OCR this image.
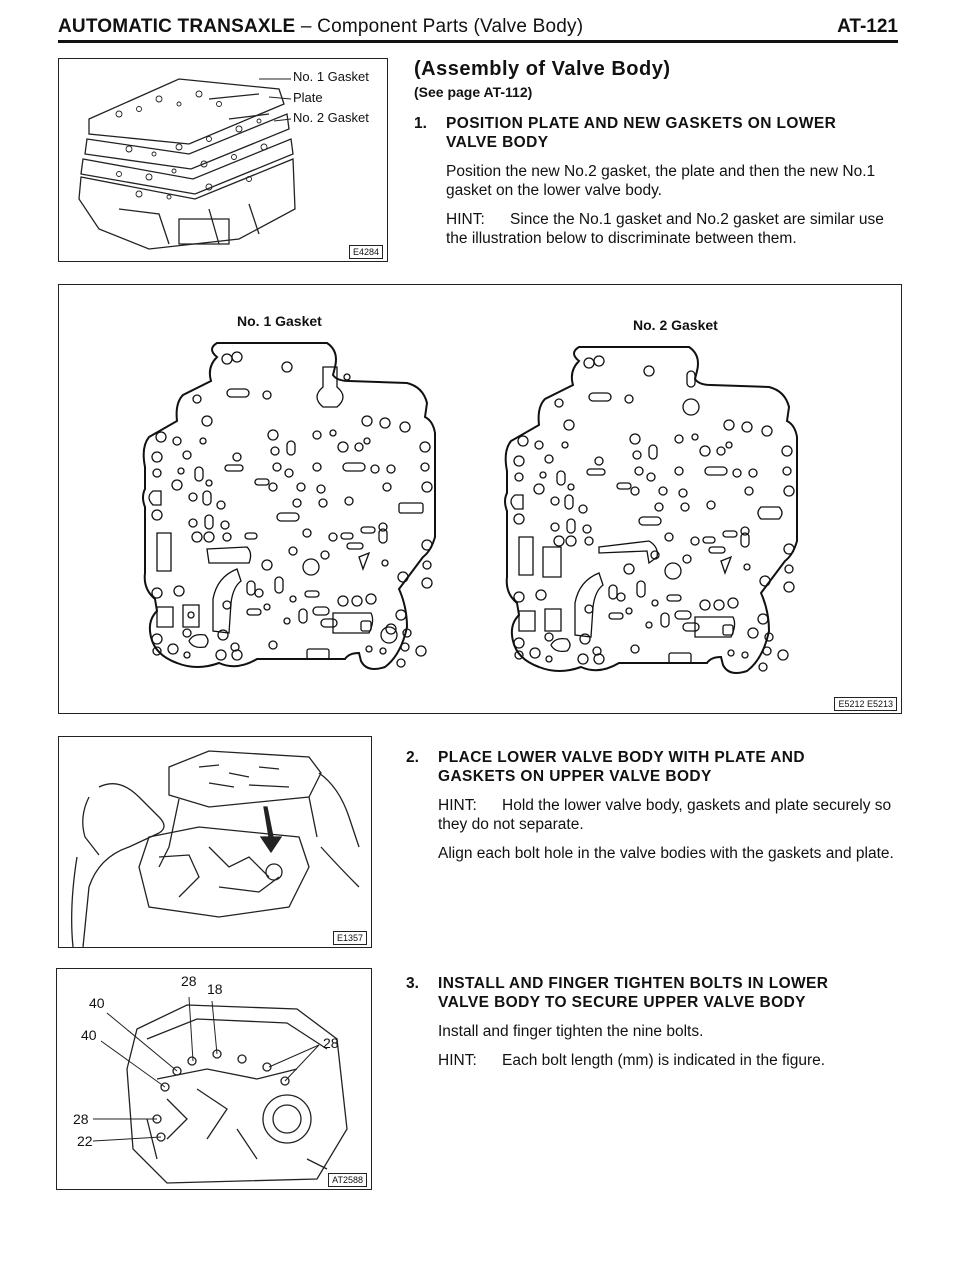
AUTOMATIC TRANSAXLE – Component Parts (Valve Body)	AT-121
No. 1 Gasket
Plate
No. 2 Gasket
E4284
(Assembly of Valve Body)
(See page AT-112)
1.	POSITION PLATE AND NEW GASKETS ON LOWER VALVE BODY
Position the new No.2 gasket, the plate and then the new No.1 gasket on the lower valve body.
HINT: Since the No.1 gasket and No.2 gasket are similar use the illustration below to discriminate between them.
No. 1 Gasket	No. 2 Gasket
E5212 E5213
E1357
2.	PLACE LOWER VALVE BODY WITH PLATE AND GASKETS ON UPPER VALVE BODY
HINT: Hold the lower valve body, gaskets and plate securely so they do not separate.
Align each bolt hole in the valve bodies with the gaskets and plate.
28 18
40
40	28
28
22
AT2588
3.	INSTALL AND FINGER TIGHTEN BOLTS IN LOWER VALVE BODY TO SECURE UPPER VALVE BODY
Install and finger tighten the nine bolts.
HINT: Each bolt length (mm) is indicated in the figure.
